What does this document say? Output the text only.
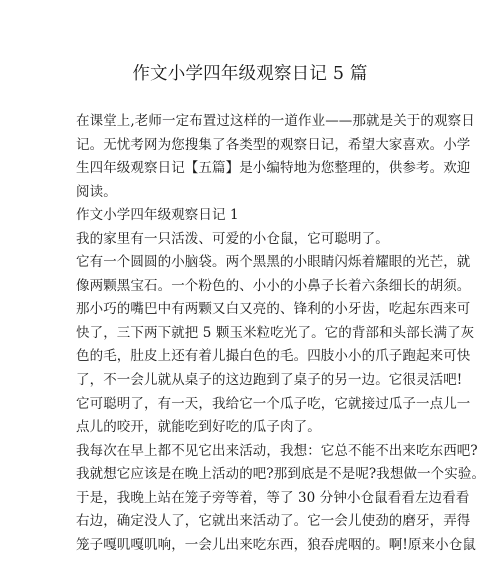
作文小学四年级观察日记 5 篇
在课堂上,老师一定布置过这样的一道作业——那就是关于的观察日
记。无忧考网为您搜集了各类型的观察日记，希望大家喜欢。小学
生四年级观察日记【五篇】是小编特地为您整理的，供参考。欢迎
阅读。
作文小学四年级观察日记 1
我的家里有一只活泼、可爱的小仓鼠，它可聪明了。
它有一个圆圆的小脑袋。两个黑黑的小眼睛闪烁着耀眼的光芒，就
像两颗黑宝石。一个粉色的、小小的小鼻子长着六条细长的胡须。
那小巧的嘴巴中有两颗又白又亮的、锋利的小牙齿，吃起东西来可
快了，三下两下就把 5 颗玉米粒吃光了。它的背部和头部长满了灰
色的毛，肚皮上还有着儿撮白色的毛。四肢小小的爪子跑起来可快
了，不一会儿就从桌子的这边跑到了桌子的另一边。它很灵活吧!
它可聪明了，有一天，我给它一个瓜子吃，它就接过瓜子一点儿一
点儿的咬开，就能吃到好吃的瓜子肉了。
我每次在早上都不见它出来活动，我想：它总不能不出来吃东西吧?
我就想它应该是在晚上活动的吧?那到底是不是呢?我想做一个实验。
于是，我晚上站在笼子旁等着，等了 30 分钟小仓鼠看看左边看看
右边，确定没人了，它就出来活动了。它一会儿使劲的磨牙，弄得
笼子嘎叽嘎叽响，一会儿出来吃东西，狼吞虎咽的。啊!原来小仓鼠
